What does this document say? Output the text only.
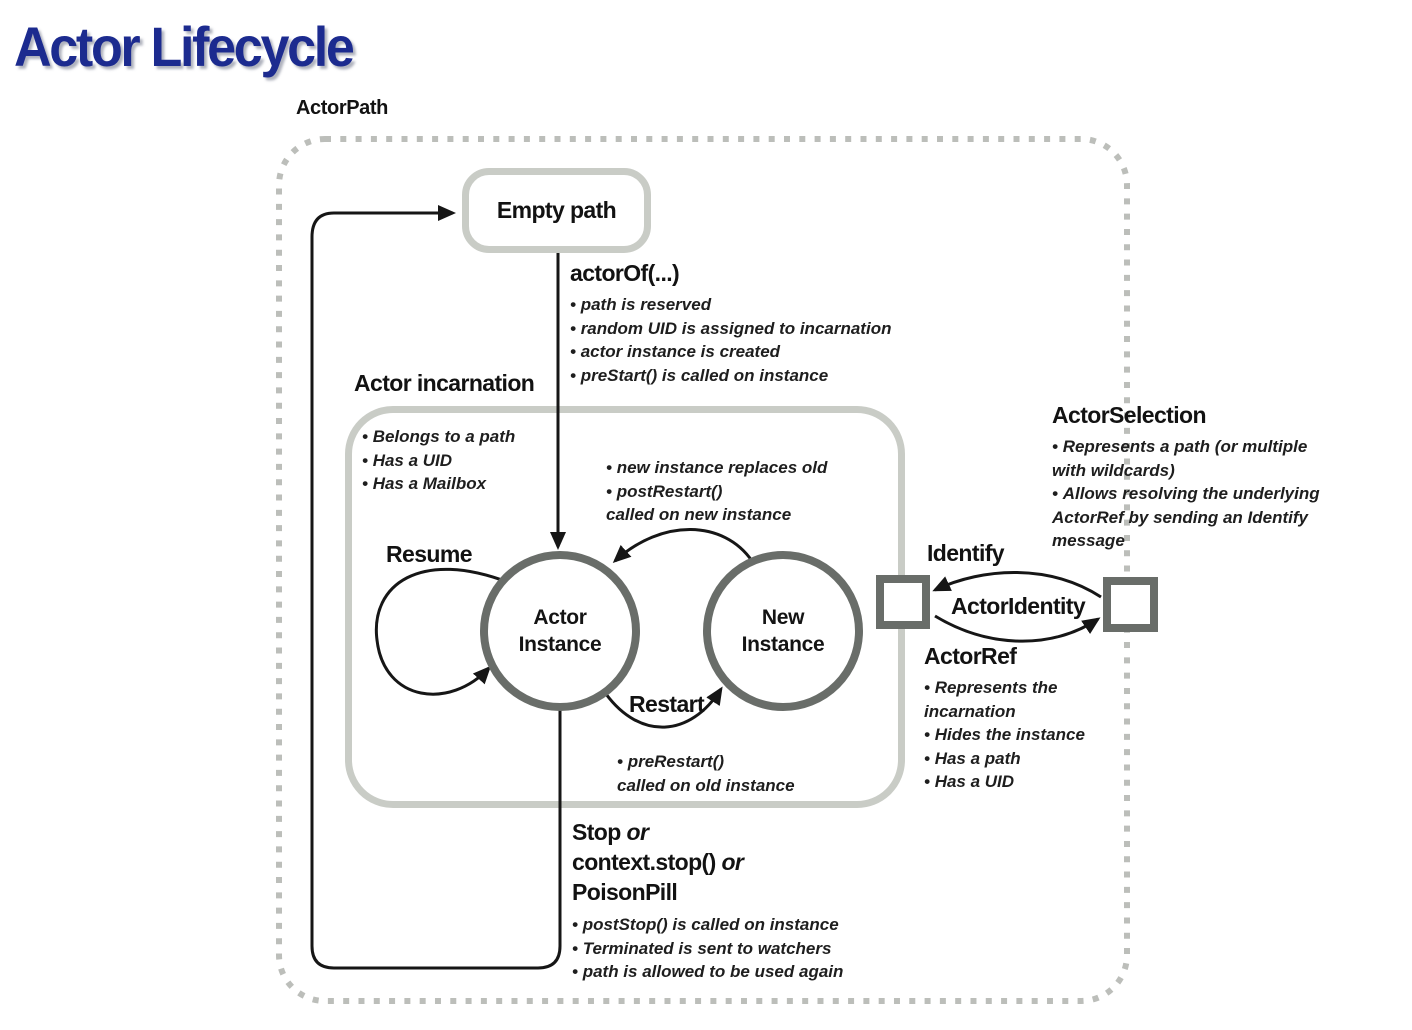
Actor Lifecycle
ActorPath
Empty path
actorOf(...)
• path is reserved
• random UID is assigned to incarnation
• actor instance is created
• preStart() is called on instance
Actor incarnation
• Belongs to a path
• Has a UID
• Has a Mailbox
• new instance replaces old
• postRestart()
called on new instance
Resume
Restart
Actor
Instance
New
Instance
• preRestart()
called on old instance
Stop or
context.stop() or
PoisonPill
• postStop() is called on instance
• Terminated is sent to watchers
• path is allowed to be used again
Identify
ActorIdentity
ActorSelection
• Represents a path (or multiple
with wildcards)
• Allows resolving the underlying
ActorRef by sending an Identify
message
ActorRef
• Represents the
incarnation
• Hides the instance
• Has a path
• Has a UID
